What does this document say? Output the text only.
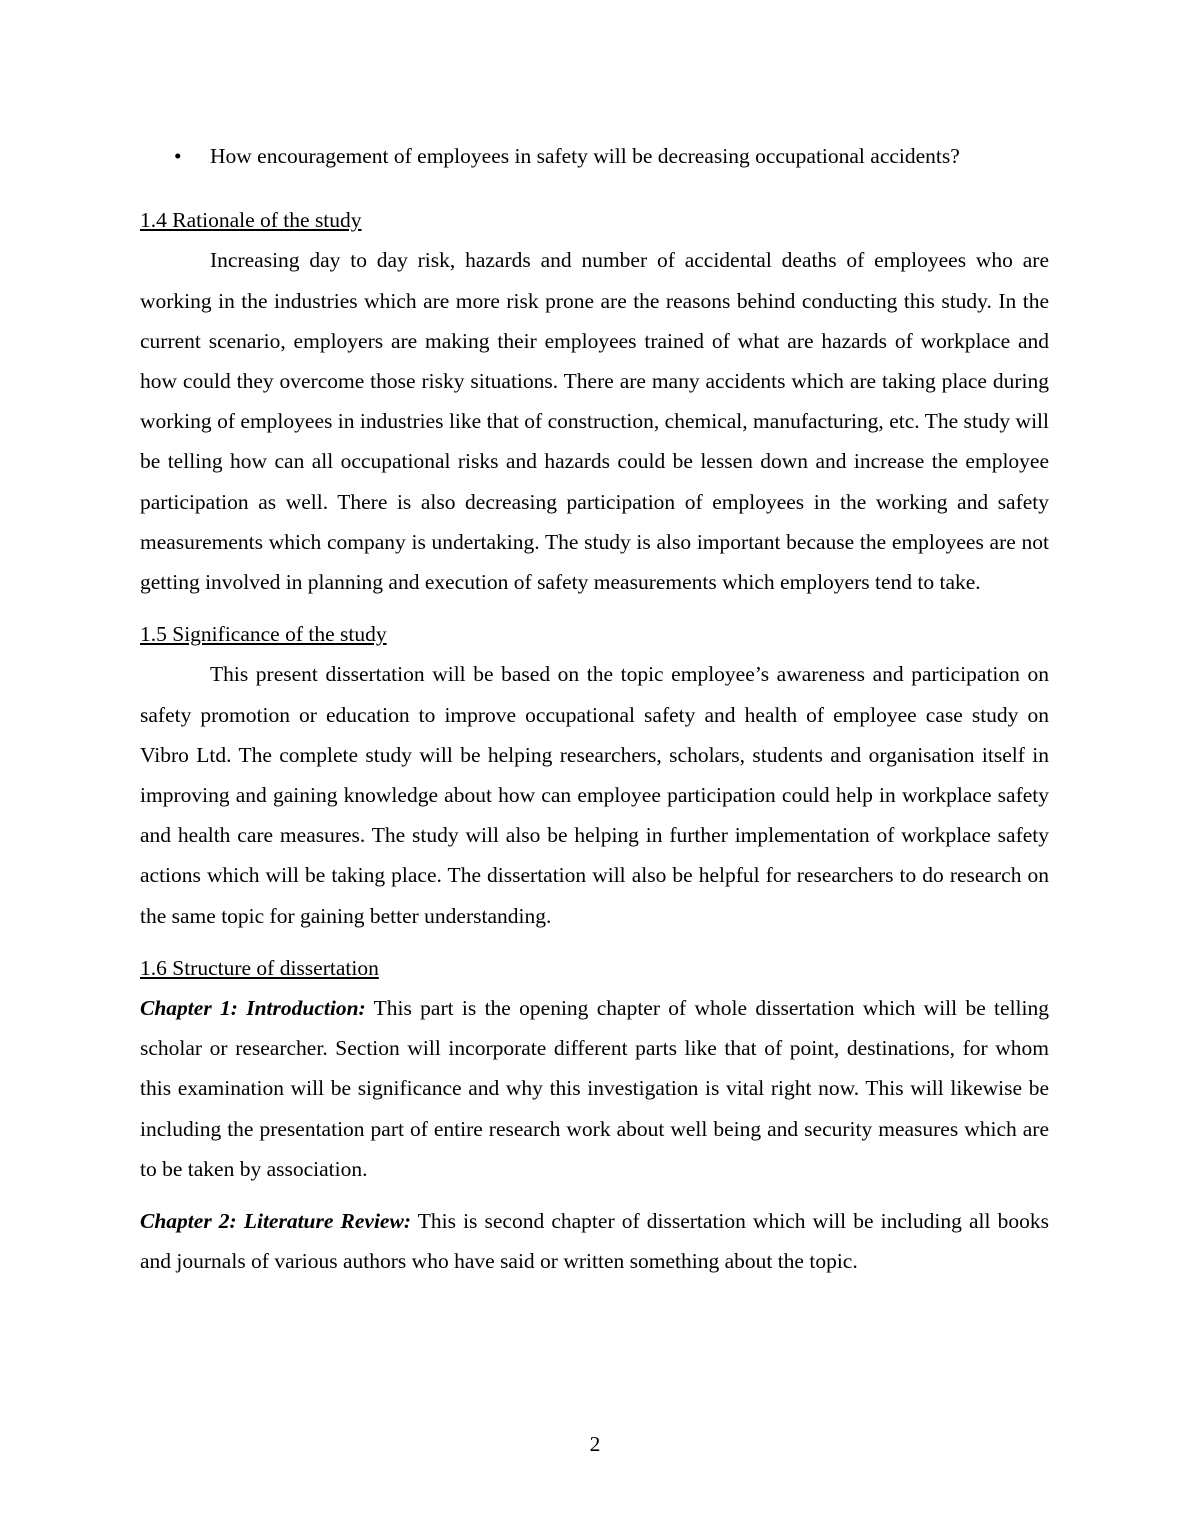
• How encouragement of employees in safety will be decreasing occupational accidents?

1.4 Rationale of the study

Increasing day to day risk, hazards and number of accidental deaths of employees who are working in the industries which are more risk prone are the reasons behind conducting this study. In the current scenario, employers are making their employees trained of what are hazards of workplace and how could they overcome those risky situations. There are many accidents which are taking place during working of employees in industries like that of construction, chemical, manufacturing, etc. The study will be telling how can all occupational risks and hazards could be lessen down and increase the employee participation as well. There is also decreasing participation of employees in the working and safety measurements which company is undertaking. The study is also important because the employees are not getting involved in planning and execution of safety measurements which employers tend to take.

1.5 Significance of the study

This present dissertation will be based on the topic employee’s awareness and participation on safety promotion or education to improve occupational safety and health of employee case study on Vibro Ltd. The complete study will be helping researchers, scholars, students and organisation itself in improving and gaining knowledge about how can employee participation could help in workplace safety and health care measures. The study will also be helping in further implementation of workplace safety actions which will be taking place. The dissertation will also be helpful for researchers to do research on the same topic for gaining better understanding.

1.6 Structure of dissertation

Chapter 1: Introduction: This part is the opening chapter of whole dissertation which will be telling scholar or researcher. Section will incorporate different parts like that of point, destinations, for whom this examination will be significance and why this investigation is vital right now. This will likewise be including the presentation part of entire research work about well being and security measures which are to be taken by association.

Chapter 2: Literature Review: This is second chapter of dissertation which will be including all books and journals of various authors who have said or written something about the topic.

2
